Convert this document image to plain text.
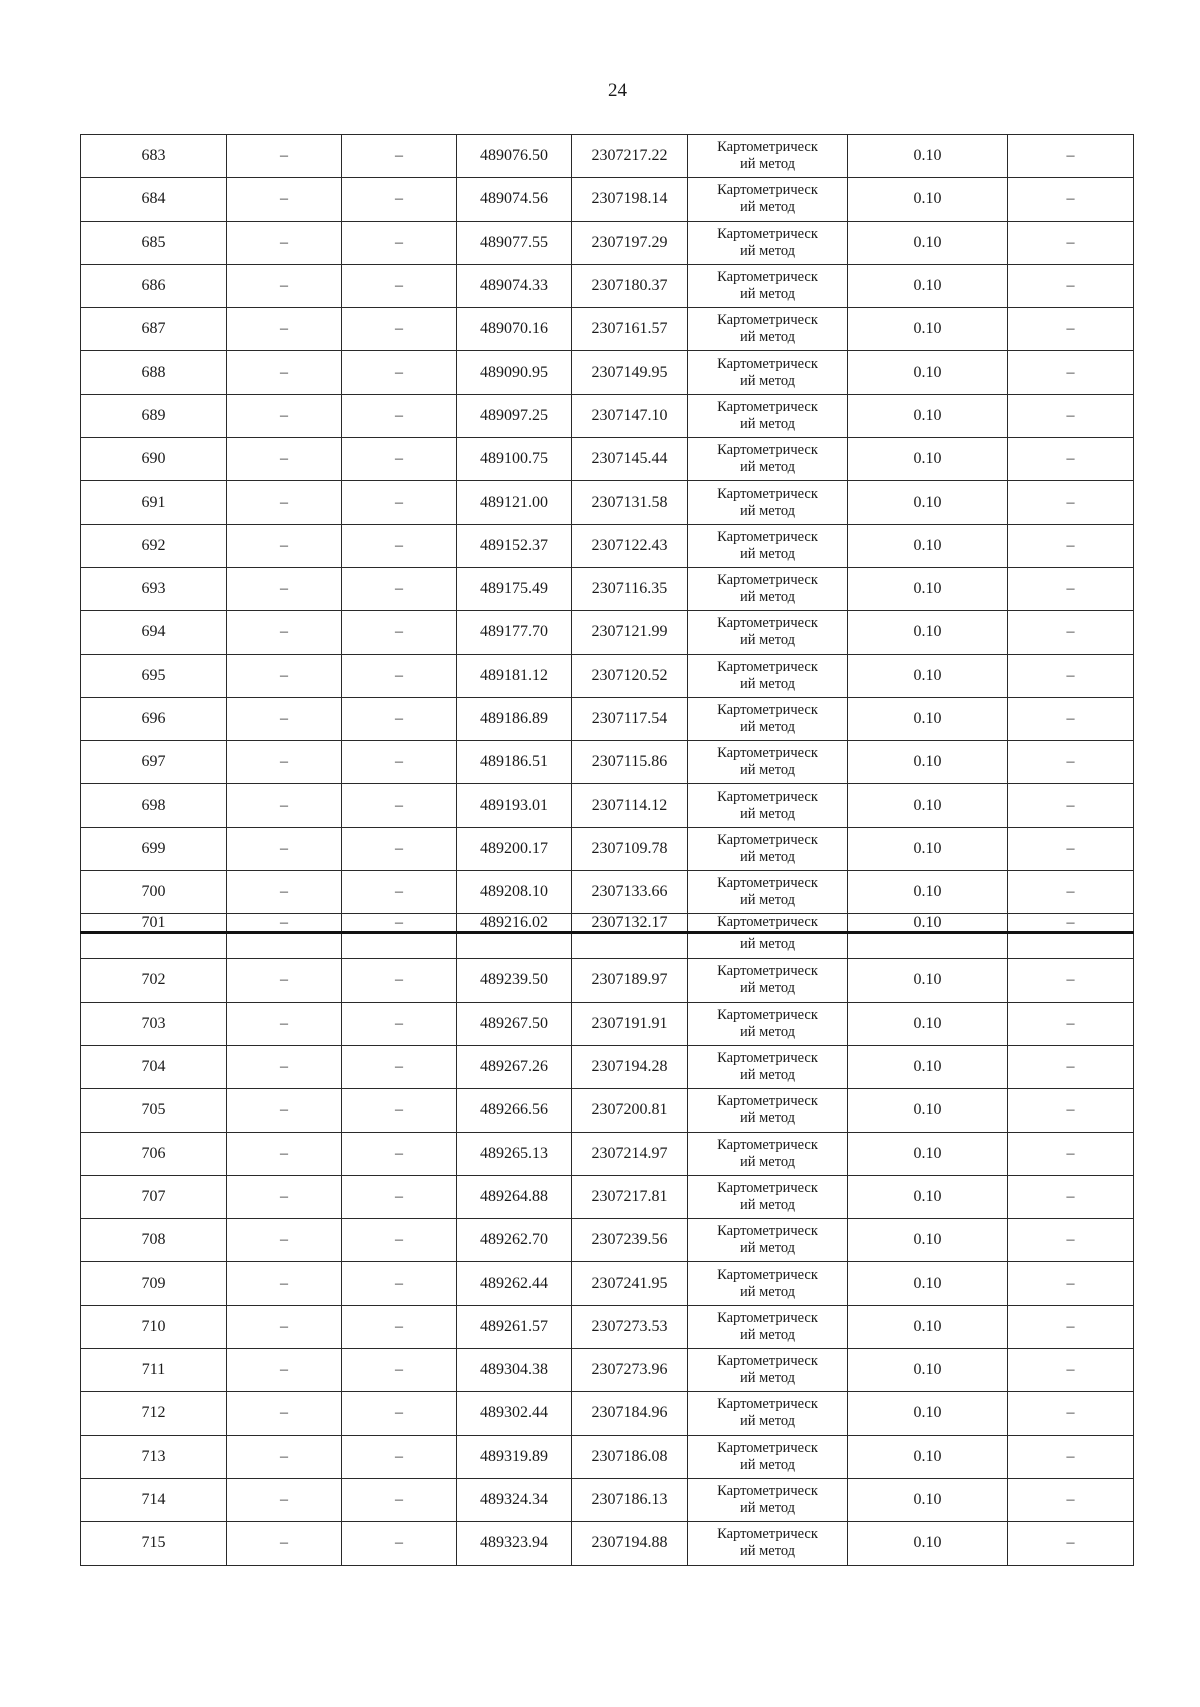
24
683	–	–	489076.50	2307217.22	Картометрическ
ий метод	0.10	–
684	–	–	489074.56	2307198.14	Картометрическ
ий метод	0.10	–
685	–	–	489077.55	2307197.29	Картометрическ
ий метод	0.10	–
686	–	–	489074.33	2307180.37	Картометрическ
ий метод	0.10	–
687	–	–	489070.16	2307161.57	Картометрическ
ий метод	0.10	–
688	–	–	489090.95	2307149.95	Картометрическ
ий метод	0.10	–
689	–	–	489097.25	2307147.10	Картометрическ
ий метод	0.10	–
690	–	–	489100.75	2307145.44	Картометрическ
ий метод	0.10	–
691	–	–	489121.00	2307131.58	Картометрическ
ий метод	0.10	–
692	–	–	489152.37	2307122.43	Картометрическ
ий метод	0.10	–
693	–	–	489175.49	2307116.35	Картометрическ
ий метод	0.10	–
694	–	–	489177.70	2307121.99	Картометрическ
ий метод	0.10	–
695	–	–	489181.12	2307120.52	Картометрическ
ий метод	0.10	–
696	–	–	489186.89	2307117.54	Картометрическ
ий метод	0.10	–
697	–	–	489186.51	2307115.86	Картометрическ
ий метод	0.10	–
698	–	–	489193.01	2307114.12	Картометрическ
ий метод	0.10	–
699	–	–	489200.17	2307109.78	Картометрическ
ий метод	0.10	–
700	–	–	489208.10	2307133.66	Картометрическ
ий метод	0.10	–
701	–	–	489216.02	2307132.17	Картометрическ	0.10	–
					ий метод		
702	–	–	489239.50	2307189.97	Картометрическ
ий метод	0.10	–
703	–	–	489267.50	2307191.91	Картометрическ
ий метод	0.10	–
704	–	–	489267.26	2307194.28	Картометрическ
ий метод	0.10	–
705	–	–	489266.56	2307200.81	Картометрическ
ий метод	0.10	–
706	–	–	489265.13	2307214.97	Картометрическ
ий метод	0.10	–
707	–	–	489264.88	2307217.81	Картометрическ
ий метод	0.10	–
708	–	–	489262.70	2307239.56	Картометрическ
ий метод	0.10	–
709	–	–	489262.44	2307241.95	Картометрическ
ий метод	0.10	–
710	–	–	489261.57	2307273.53	Картометрическ
ий метод	0.10	–
711	–	–	489304.38	2307273.96	Картометрическ
ий метод	0.10	–
712	–	–	489302.44	2307184.96	Картометрическ
ий метод	0.10	–
713	–	–	489319.89	2307186.08	Картометрическ
ий метод	0.10	–
714	–	–	489324.34	2307186.13	Картометрическ
ий метод	0.10	–
715	–	–	489323.94	2307194.88	Картометрическ
ий метод	0.10	–
